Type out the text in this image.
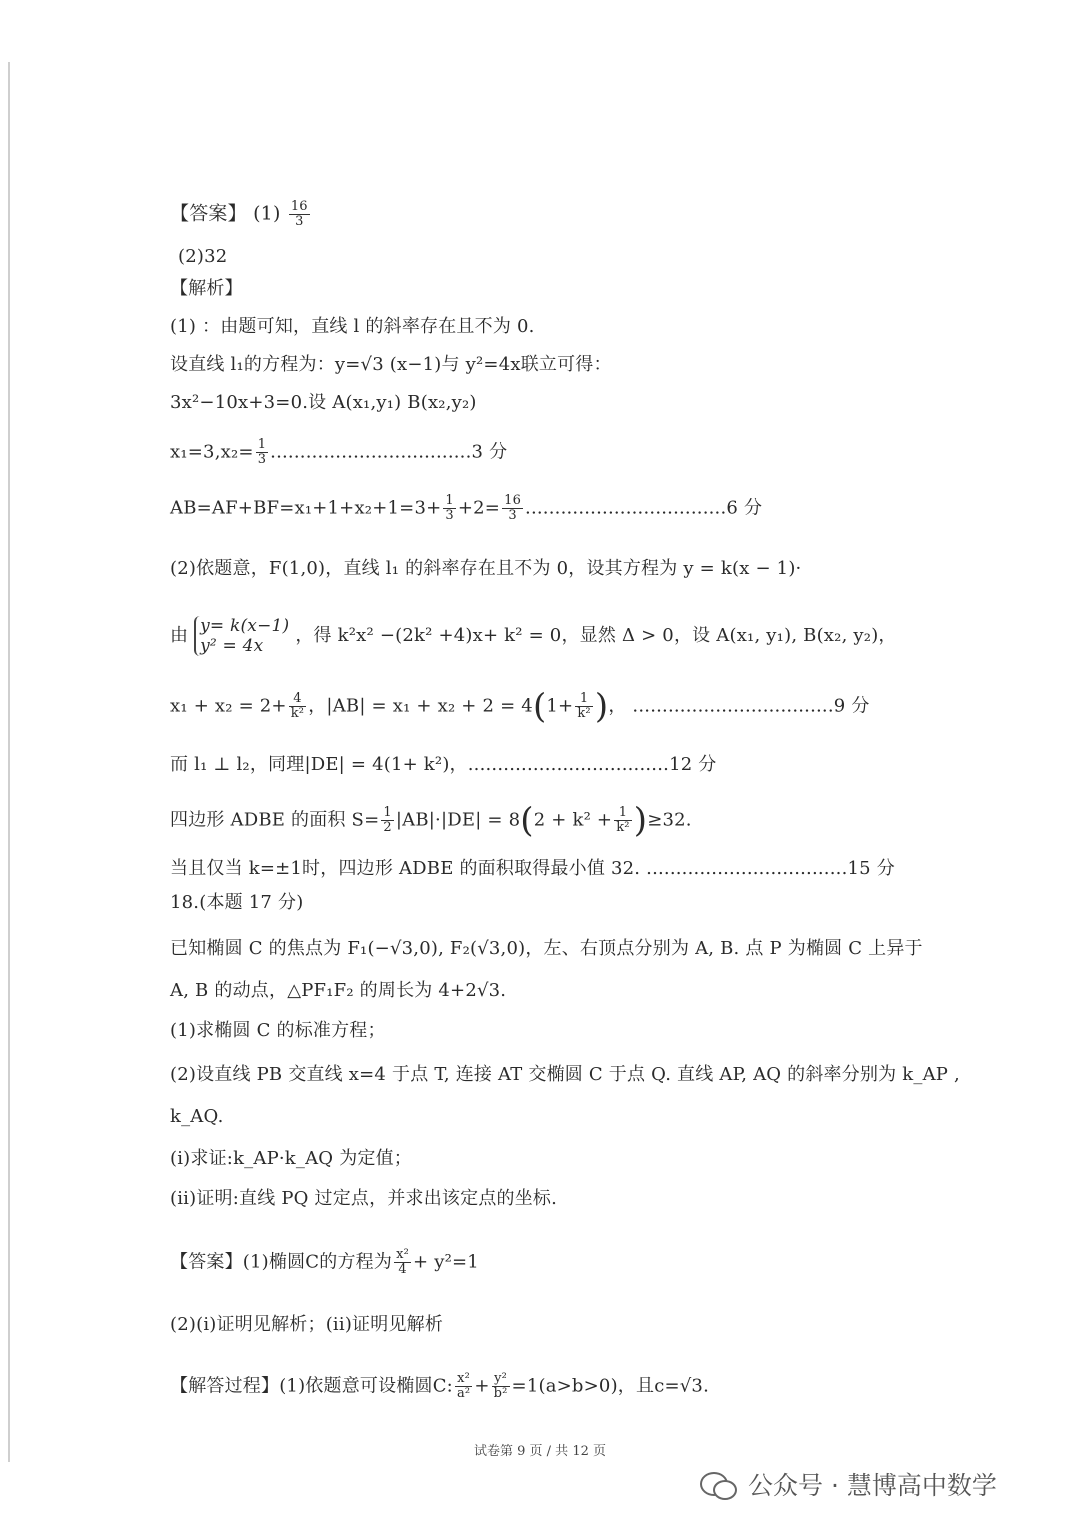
【答案】 $(1) \frac{16}{3}$
(2)32
【解析】
(1) ：由题可知，直线 l 的斜率存在且不为 0.
设直线 l₁的方程为：y=√3 (x−1)与 y²=4x联立可得：
3x²−10x+3=0.设 A(x₁,y₁) B(x₂,y₂)
$x_1=3,x_2= \frac{1}{3} ..................................3$ 分
$AB=AF+BF=x_1+1+x_2+1=3+ \frac{1}{3} +2= \frac{16}{3} ..................................6$ 分
(2)依题意，F(1,0)，直线 l₁ 的斜率存在且不为 0，设其方程为 y = k(x − 1)·
由 y= k(x−1)
y² = 4x ，得 k²x² −(2k² +4)x+ k² = 0，显然 Δ > 0，设 A(x₁, y₁), B(x₂, y₂)，
$x_1 + x_2 = 2+ \frac{4}{\text{k²}}$ ，$|AB| = x_1 + x_2 + 2 = 4(1+ \frac{1}{\text{k²}}$ )， ..................................9 分
而 l₁ ⊥ l₂，同理|DE| = 4(1+ k²)，..................................12 分
四边形 ADBE 的面积 $S= \frac{1}{2} |AB|\cdot|DE| = 8(2 + k^2 + \frac{1}{\text{k²}} )\ge 32$.
当且仅当 k=±1时，四边形 ADBE 的面积取得最小值 32. ..................................15 分
18.(本题 17 分)
已知椭圆 C 的焦点为 F₁(−√3,0), F₂(√3,0)，左、右顶点分别为 A, B. 点 P 为椭圆 C 上异于
A, B 的动点，△PF₁F₂ 的周长为 4+2√3.
(1)求椭圆 C 的标准方程；
(2)设直线 PB 交直线 x=4 于点 T, 连接 AT 交椭圆 C 于点 Q. 直线 AP, AQ 的斜率分别为 k_AP ,
k_AQ.
(i)求证:k_AP·k_AQ 为定值；
(ii)证明:直线 PQ 过定点，并求出该定点的坐标.
【答案】(1)椭圆C的方程为 $\frac{\text{x²}}{4} + y^2=1$
(2)(i)证明见解析；(ii)证明见解析
【解答过程】(1)依题意可设椭圆C: $\frac{\text{x²}}{\text{a²}} + \frac{\text{y²}}{\text{b²}} =1(a>b>0)$，且c=√3.
试卷第 9 页 / 共 12 页
公众号 · 慧博高中数学
